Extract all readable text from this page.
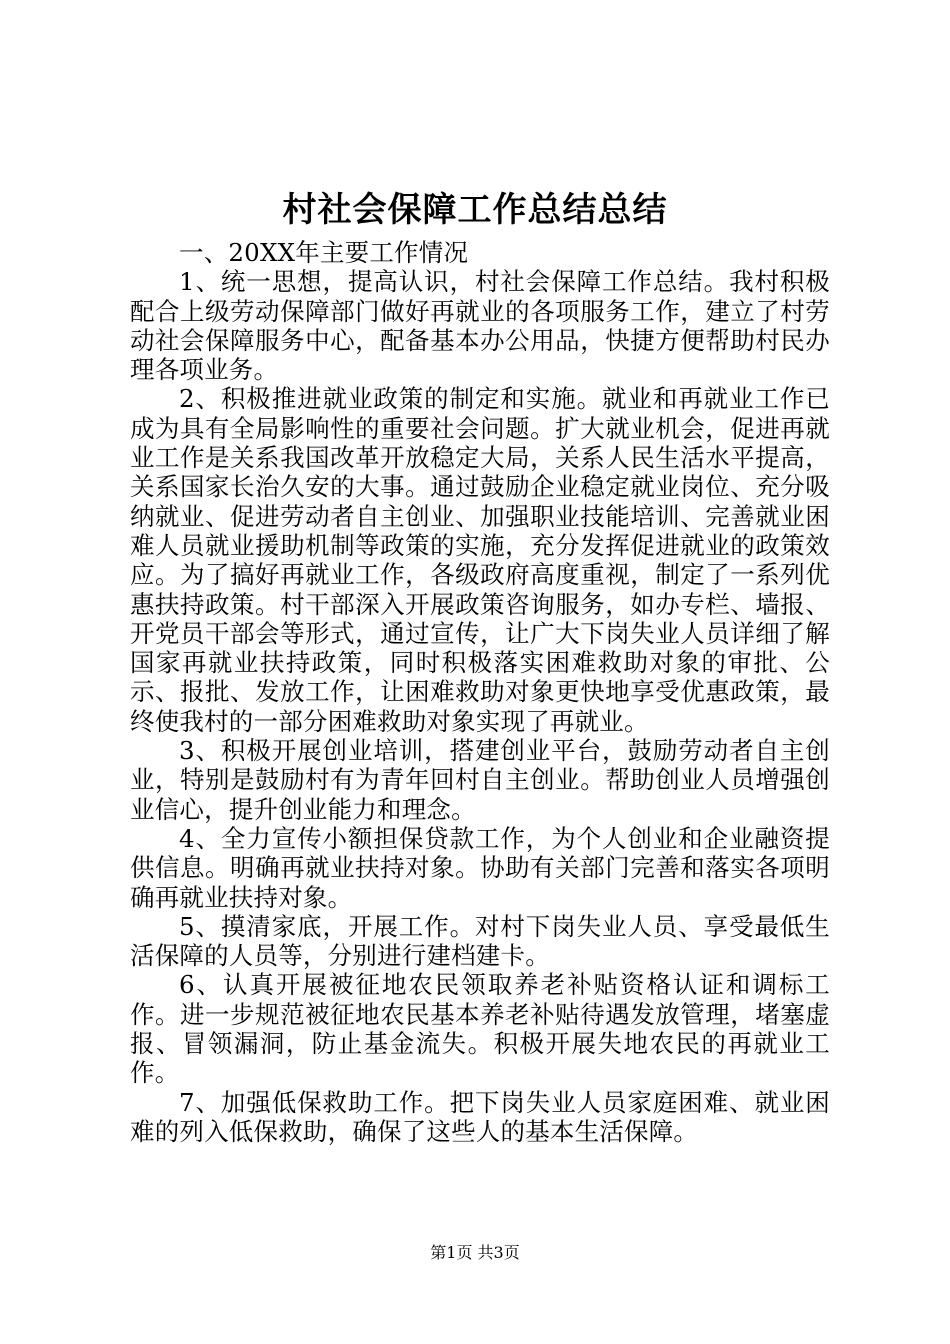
村社会保障工作总结总结

一、20XX年主要工作情况

1、统一思想，提高认识，村社会保障工作总结。我村积极配合上级劳动保障部门做好再就业的各项服务工作，建立了村劳动社会保障服务中心，配备基本办公用品，快捷方便帮助村民办理各项业务。

2、积极推进就业政策的制定和实施。就业和再就业工作已成为具有全局影响性的重要社会问题。扩大就业机会，促进再就业工作是关系我国改革开放稳定大局，关系人民生活水平提高，关系国家长治久安的大事。通过鼓励企业稳定就业岗位、充分吸纳就业、促进劳动者自主创业、加强职业技能培训、完善就业困难人员就业援助机制等政策的实施，充分发挥促进就业的政策效应。为了搞好再就业工作，各级政府高度重视，制定了一系列优惠扶持政策。村干部深入开展政策咨询服务，如办专栏、墙报、开党员干部会等形式，通过宣传，让广大下岗失业人员详细了解国家再就业扶持政策，同时积极落实困难救助对象的审批、公示、报批、发放工作，让困难救助对象更快地享受优惠政策，最终使我村的一部分困难救助对象实现了再就业。

3、积极开展创业培训，搭建创业平台，鼓励劳动者自主创业，特别是鼓励村有为青年回村自主创业。帮助创业人员增强创业信心，提升创业能力和理念。

4、全力宣传小额担保贷款工作，为个人创业和企业融资提供信息。明确再就业扶持对象。协助有关部门完善和落实各项明确再就业扶持对象。

5、摸清家底，开展工作。对村下岗失业人员、享受最低生活保障的人员等，分别进行建档建卡。

6、认真开展被征地农民领取养老补贴资格认证和调标工作。进一步规范被征地农民基本养老补贴待遇发放管理，堵塞虚报、冒领漏洞，防止基金流失。积极开展失地农民的再就业工作。

7、加强低保救助工作。把下岗失业人员家庭困难、就业困难的列入低保救助，确保了这些人的基本生活保障。

第1页 共3页
